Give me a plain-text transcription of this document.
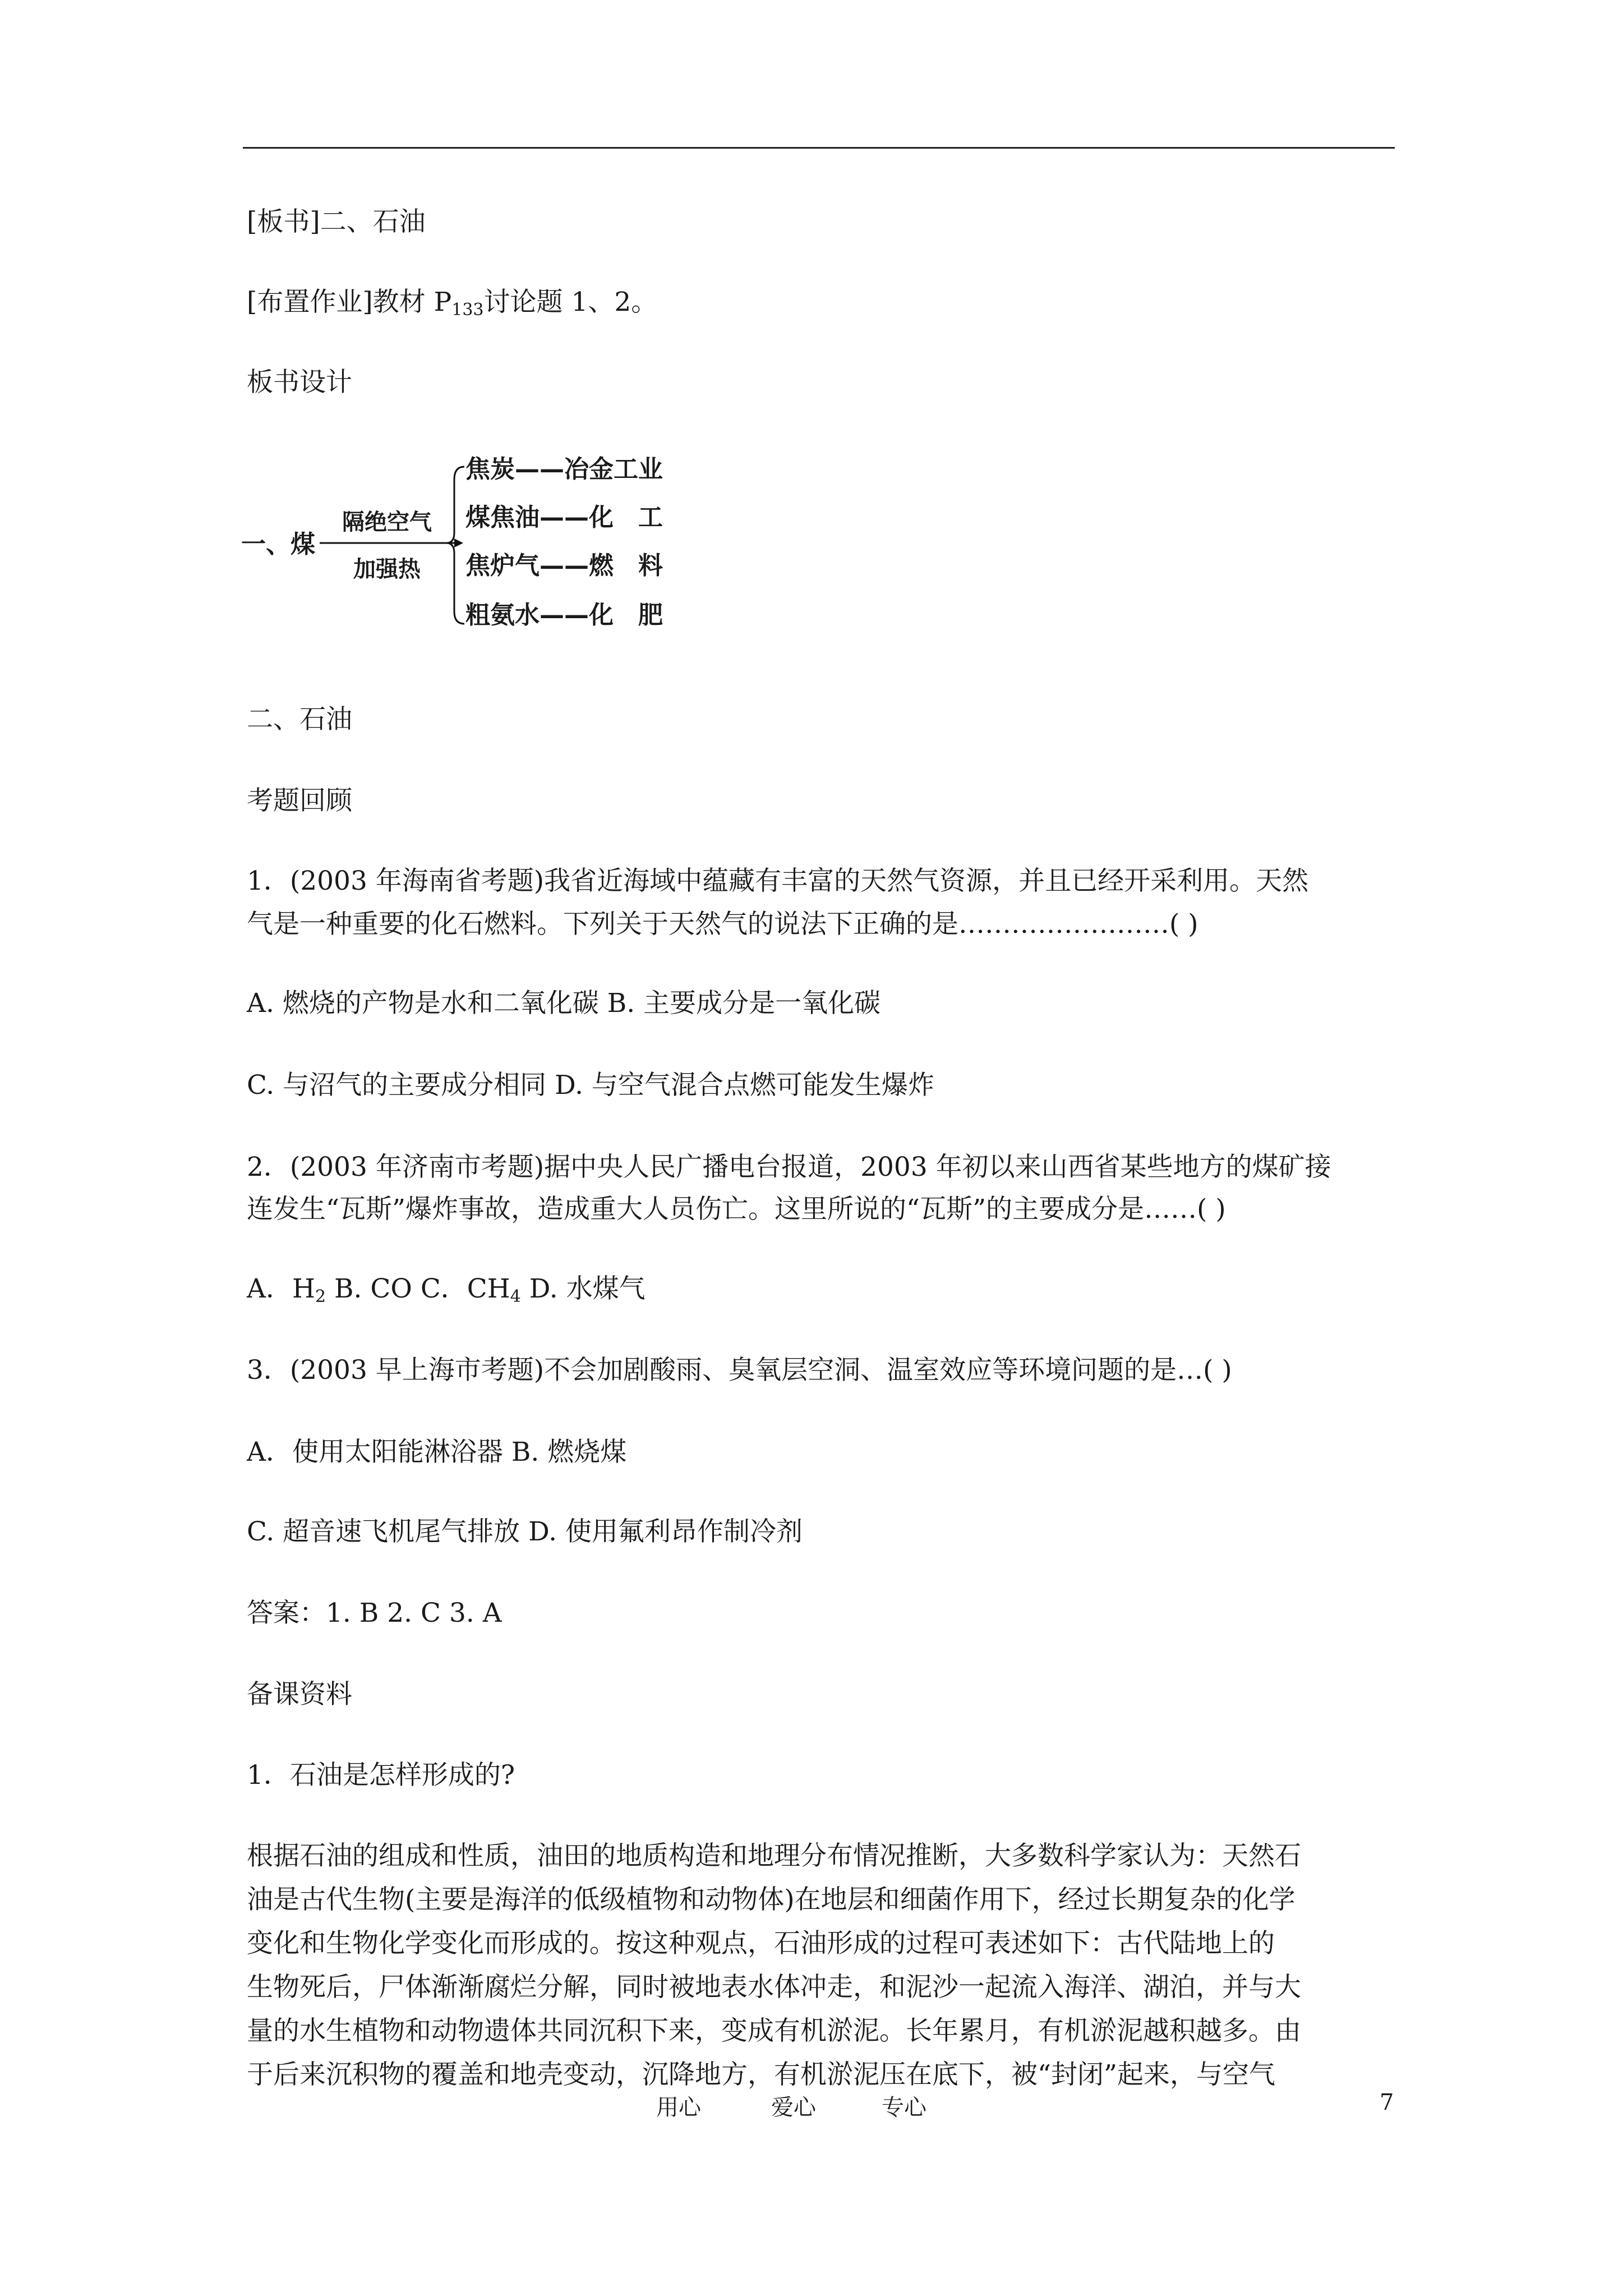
[板书]二、石油
[布置作业]教材 $P_{133}$讨论题 1、2。
板书设计
一、煤
隔绝空气
加强热
焦炭——冶金工业
煤焦油——化　工
焦炉气——燃　料
粗氨水——化　肥
二、石油
考题回顾
1．(2003 年海南省考题)我省近海域中蕴藏有丰富的天然气资源，并且已经开采利用。天然
气是一种重要的化石燃料。下列关于天然气的说法下正确的是……………………( )
A. 燃烧的产物是水和二氧化碳 B. 主要成分是一氧化碳
C. 与沼气的主要成分相同 D. 与空气混合点燃可能发生爆炸
2．(2003 年济南市考题)据中央人民广播电台报道，2003 年初以来山西省某些地方的煤矿接
连发生“瓦斯”爆炸事故，造成重大人员伤亡。这里所说的“瓦斯”的主要成分是……( )
A．$H_2$ B. CO C．$CH_4$ D. 水煤气
3．(2003 早上海市考题)不会加剧酸雨、臭氧层空洞、温室效应等环境问题的是…( )
A．使用太阳能淋浴器 B. 燃烧煤
C. 超音速飞机尾气排放 D. 使用氟利昂作制冷剂
答案：1. B 2. C 3. A
备课资料
1．石油是怎样形成的?
根据石油的组成和性质，油田的地质构造和地理分布情况推断，大多数科学家认为：天然石
油是古代生物(主要是海洋的低级植物和动物体)在地层和细菌作用下，经过长期复杂的化学
变化和生物化学变化而形成的。按这种观点，石油形成的过程可表述如下：古代陆地上的
生物死后，尸体渐渐腐烂分解，同时被地表水体冲走，和泥沙一起流入海洋、湖泊，并与大
量的水生植物和动物遗体共同沉积下来，变成有机淤泥。长年累月，有机淤泥越积越多。由
于后来沉积物的覆盖和地壳变动，沉降地方，有机淤泥压在底下，被“封闭”起来，与空气
用心	爱心	专心	7
